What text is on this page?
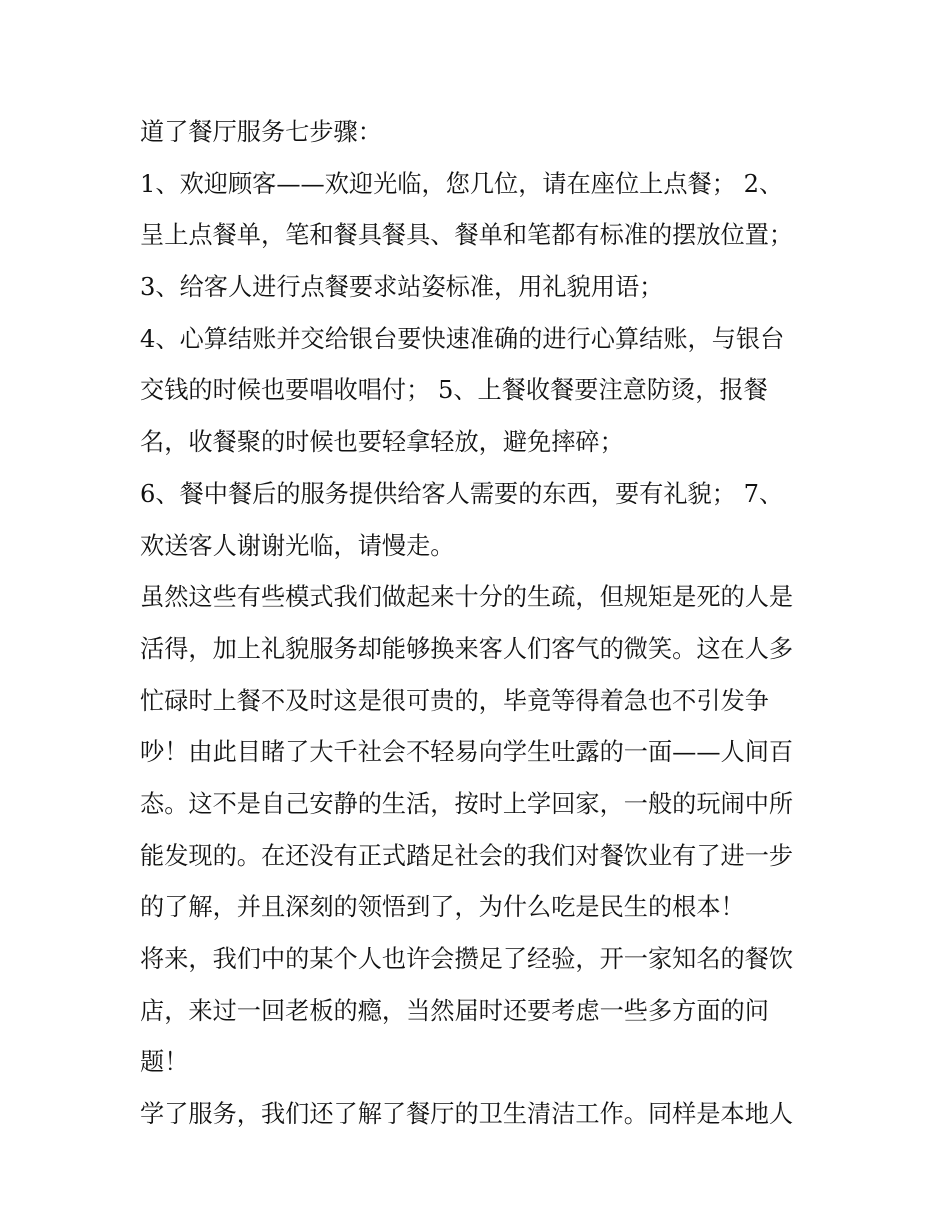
道了餐厅服务七步骤：
1、欢迎顾客——欢迎光临，您几位，请在座位上点餐； 2、
呈上点餐单，笔和餐具餐具、餐单和笔都有标准的摆放位置；
3、给客人进行点餐要求站姿标准，用礼貌用语；
4、心算结账并交给银台要快速准确的进行心算结账，与银台
交钱的时候也要唱收唱付； 5、上餐收餐要注意防烫，报餐
名，收餐聚的时候也要轻拿轻放，避免摔碎；
6、餐中餐后的服务提供给客人需要的东西，要有礼貌； 7、
欢送客人谢谢光临，请慢走。
虽然这些有些模式我们做起来十分的生疏，但规矩是死的人是
活得，加上礼貌服务却能够换来客人们客气的微笑。这在人多
忙碌时上餐不及时这是很可贵的，毕竟等得着急也不引发争
吵！由此目睹了大千社会不轻易向学生吐露的一面——人间百
态。这不是自己安静的生活，按时上学回家，一般的玩闹中所
能发现的。在还没有正式踏足社会的我们对餐饮业有了进一步
的了解，并且深刻的领悟到了，为什么吃是民生的根本！
将来，我们中的某个人也许会攒足了经验，开一家知名的餐饮
店，来过一回老板的瘾，当然届时还要考虑一些多方面的问
题！
学了服务，我们还了解了餐厅的卫生清洁工作。同样是本地人
